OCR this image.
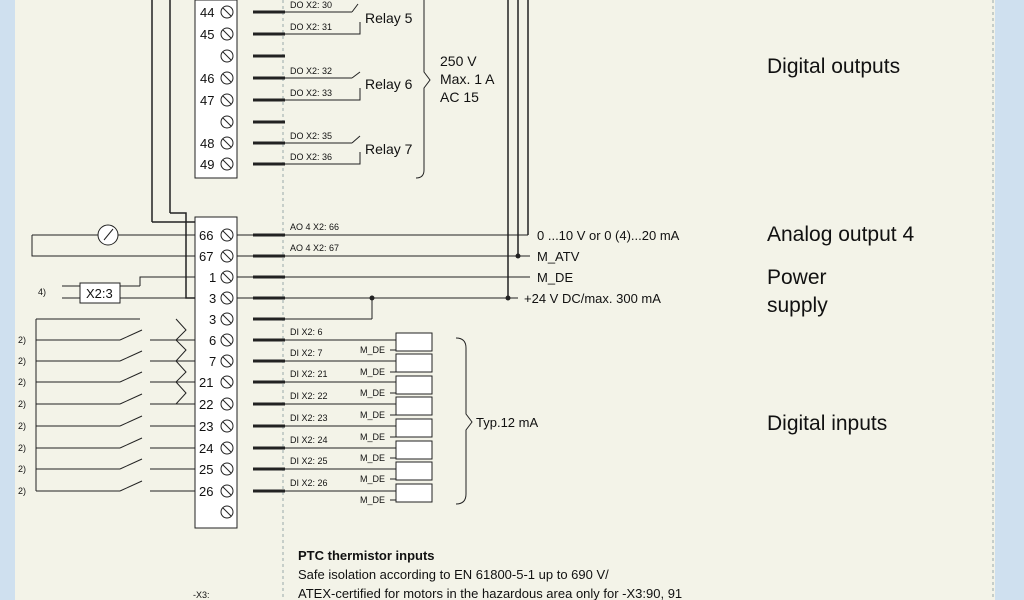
44
45
46
47
48
49
DO X2: 30
DO X2: 31
DO X2: 32
DO X2: 33
DO X2: 35
DO X2: 36
Relay 5
Relay 6
Relay 7
250 V
Max. 1 A
AC 15
66
67
1
3
3
AO 4 X2: 66
AO 4 X2: 67
0 ...10 V or 0 (4)...20 mA
M_ATV
M_DE
+24 V DC/max. 300 mA
4)	X2:3
Typ.12 mA
6
7
21
22
23
24
25
26
DI X2: 6
DI X2: 7
DI X2: 21
DI X2: 22
DI X2: 23
DI X2: 24
DI X2: 25
DI X2: 26
M_DE
M_DE
M_DE
M_DE
M_DE
M_DE
M_DE
M_DE
2)
2)
2)
2)
2)
2)
2)
2)
Digital outputs
Analog output 4
Power
supply
Digital inputs
PTC thermistor inputs
Safe isolation according to EN 61800-5-1 up to 690 V/
ATEX-certified for motors in the hazardous area only for -X3:90, 91
-X3:
